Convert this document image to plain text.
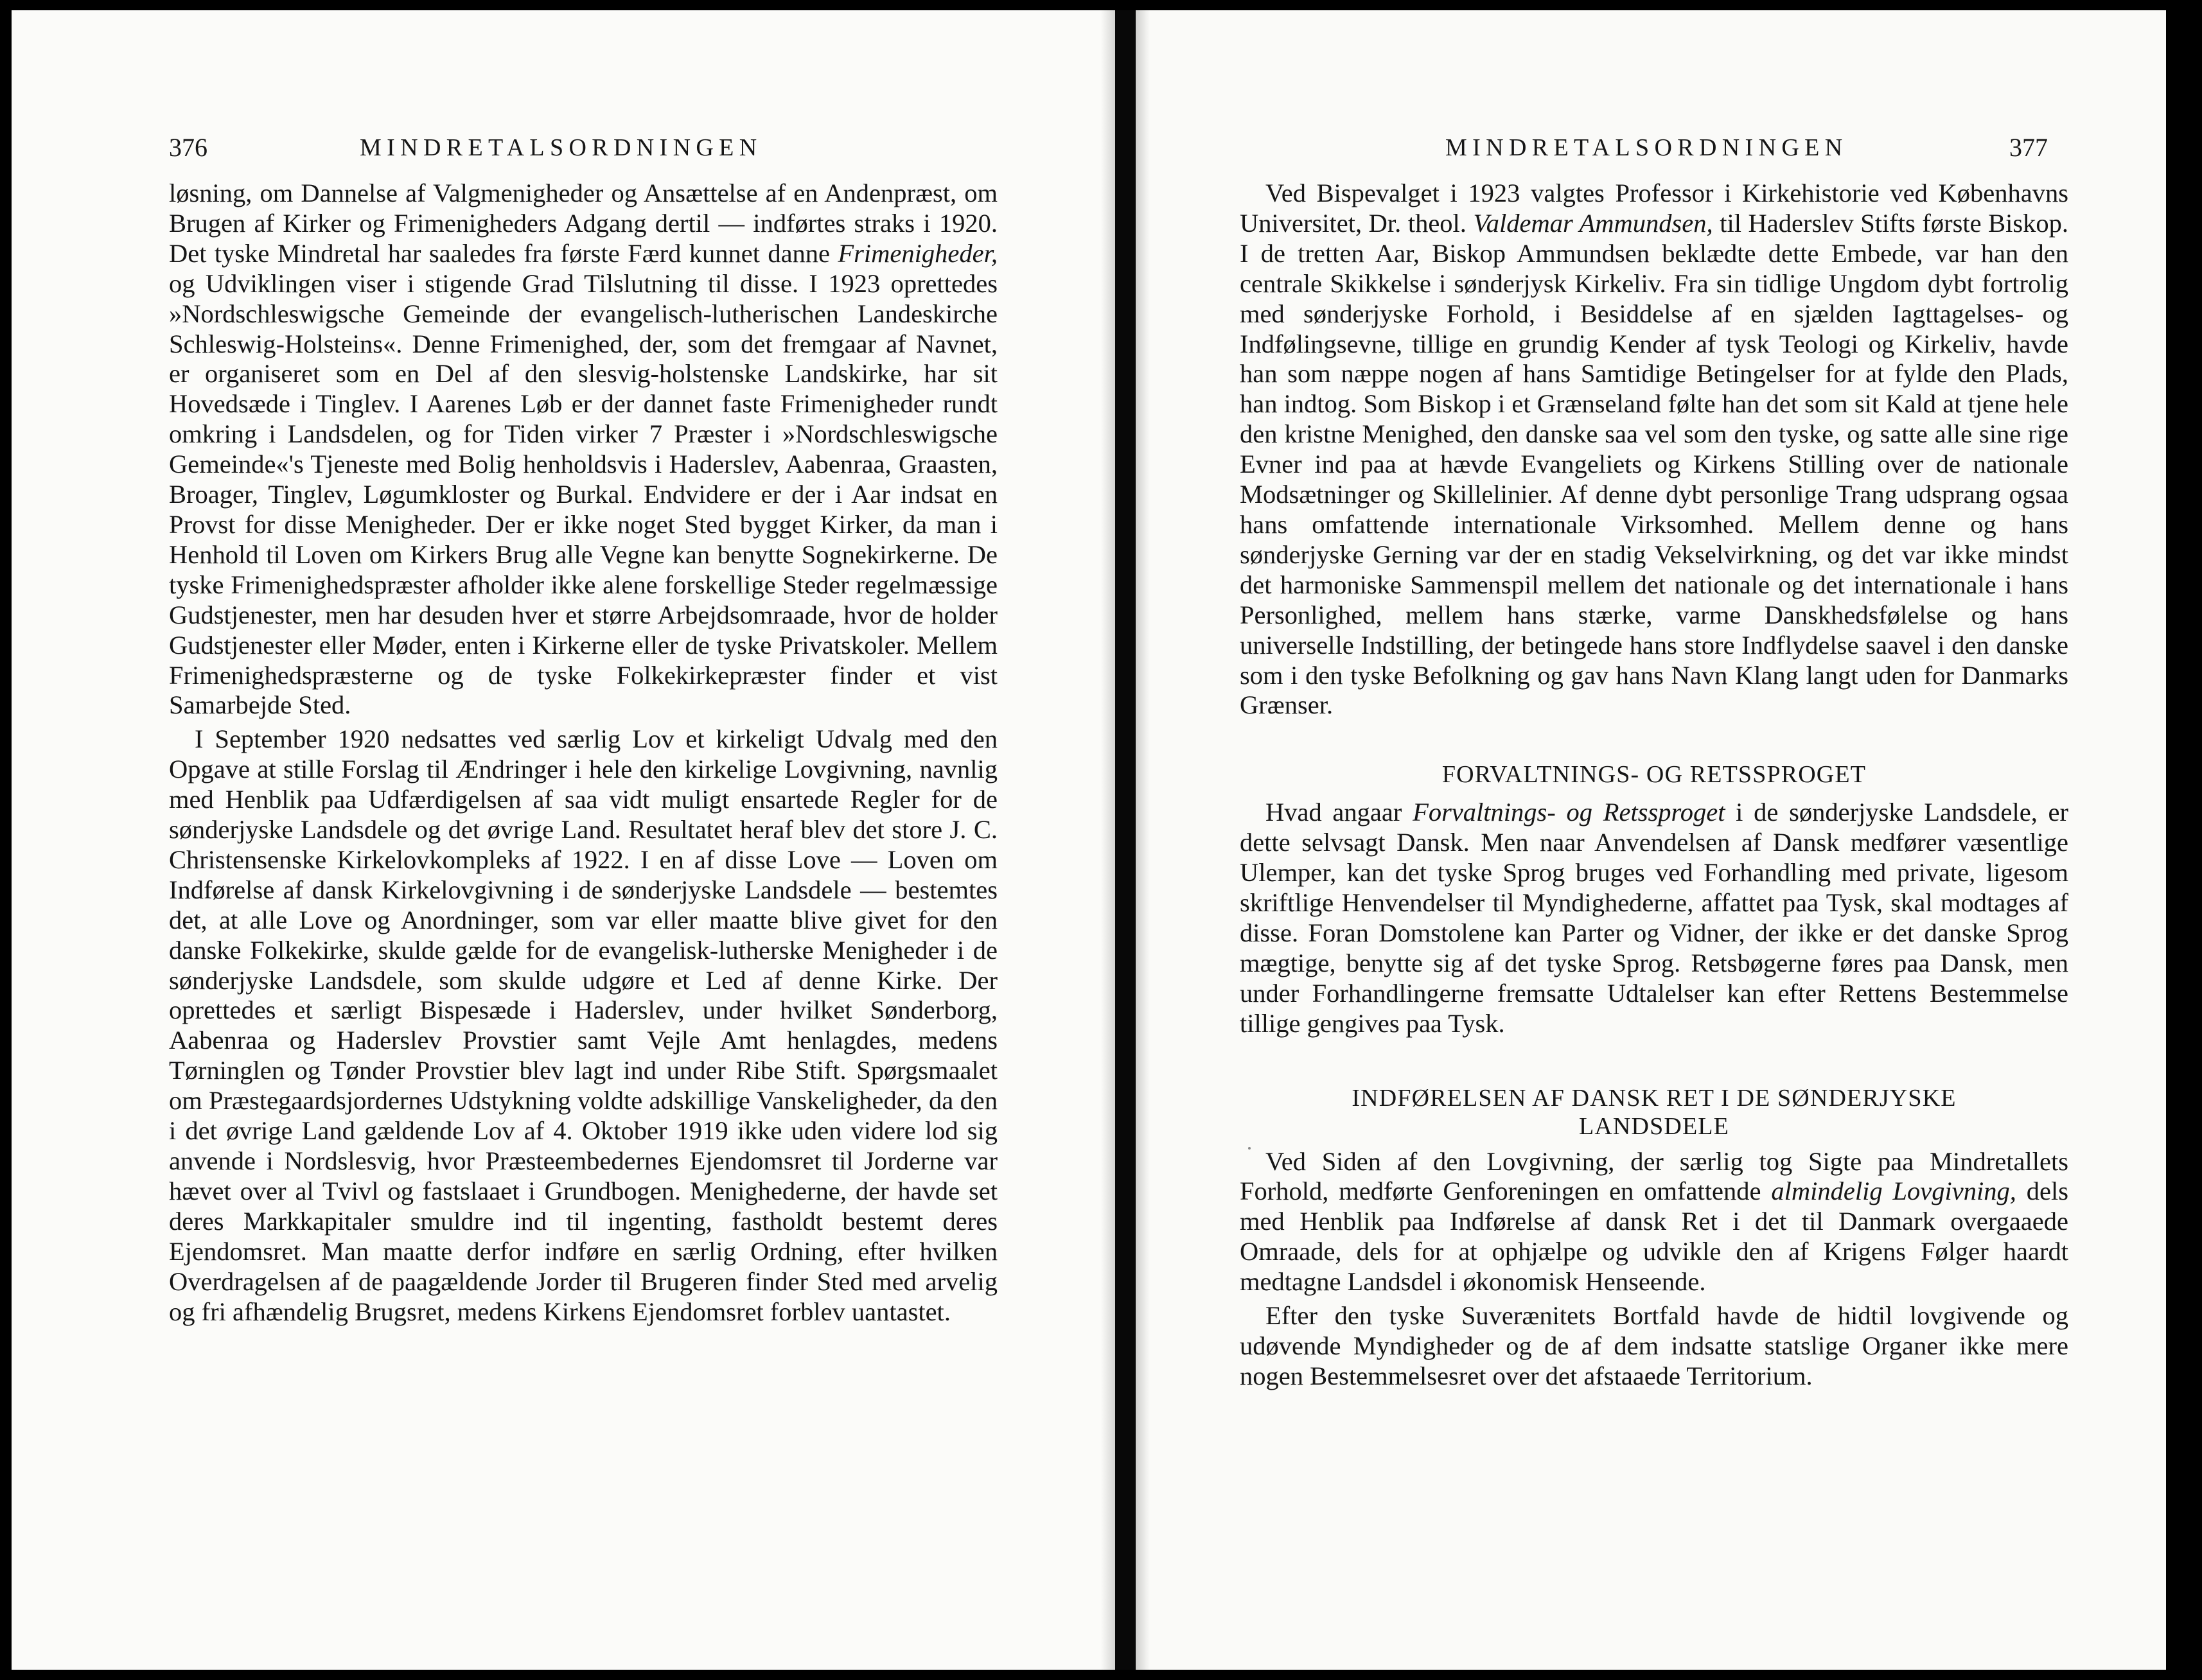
376	MINDRETALSORDNINGEN

løsning, om Dannelse af Valgmenigheder og Ansættelse af en Andenpræst, om Brugen af Kirker og Frimenigheders Adgang dertil — indførtes straks i 1920. Det tyske Mindretal har saaledes fra første Færd kunnet danne Frimenigheder, og Udviklingen viser i stigende Grad Tilslutning til disse. I 1923 oprettedes »Nordschleswigsche Gemeinde der evangelisch-lutherischen Landeskirche Schleswig-Holsteins«. Denne Frimenighed, der, som det fremgaar af Navnet, er organiseret som en Del af den slesvig-holstenske Landskirke, har sit Hovedsæde i Tinglev. I Aarenes Løb er der dannet faste Frimenigheder rundt omkring i Landsdelen, og for Tiden virker 7 Præster i »Nordschleswigsche Gemeinde«'s Tjeneste med Bolig henholdsvis i Haderslev, Aabenraa, Graasten, Broager, Tinglev, Løgumkloster og Burkal. Endvidere er der i Aar indsat en Provst for disse Menigheder. Der er ikke noget Sted bygget Kirker, da man i Henhold til Loven om Kirkers Brug alle Vegne kan benytte Sognekirkerne. De tyske Frimenighedspræster afholder ikke alene forskellige Steder regelmæssige Gudstjenester, men har desuden hver et større Arbejdsomraade, hvor de holder Gudstjenester eller Møder, enten i Kirkerne eller de tyske Privatskoler. Mellem Frimenighedspræsterne og de tyske Folkekirkepræster finder et vist Samarbejde Sted.

I September 1920 nedsattes ved særlig Lov et kirkeligt Udvalg med den Opgave at stille Forslag til Ændringer i hele den kirkelige Lovgivning, navnlig med Henblik paa Udfærdigelsen af saa vidt muligt ensartede Regler for de sønderjyske Landsdele og det øvrige Land. Resultatet heraf blev det store J. C. Christensenske Kirkelovkompleks af 1922. I en af disse Love — Loven om Indførelse af dansk Kirkelovgivning i de sønderjyske Landsdele — bestemtes det, at alle Love og Anordninger, som var eller maatte blive givet for den danske Folkekirke, skulde gælde for de evangelisk-lutherske Menigheder i de sønderjyske Landsdele, som skulde udgøre et Led af denne Kirke. Der oprettedes et særligt Bispesæde i Haderslev, under hvilket Sønderborg, Aabenraa og Haderslev Provstier samt Vejle Amt henlagdes, medens Tørninglen og Tønder Provstier blev lagt ind under Ribe Stift. Spørgsmaalet om Præstegaardsjordernes Udstykning voldte adskillige Vanskeligheder, da den i det øvrige Land gældende Lov af 4. Oktober 1919 ikke uden videre lod sig anvende i Nordslesvig, hvor Præsteembedernes Ejendomsret til Jorderne var hævet over al Tvivl og fastslaaet i Grundbogen. Menighederne, der havde set deres Markkapitaler smuldre ind til ingenting, fastholdt bestemt deres Ejendomsret. Man maatte derfor indføre en særlig Ordning, efter hvilken Overdragelsen af de paagældende Jorder til Brugeren finder Sted med arvelig og fri afhændelig Brugsret, medens Kirkens Ejendomsret forblev uantastet.

MINDRETALSORDNINGEN	377

Ved Bispevalget i 1923 valgtes Professor i Kirkehistorie ved Københavns Universitet, Dr. theol. Valdemar Ammundsen, til Haderslev Stifts første Biskop. I de tretten Aar, Biskop Ammundsen beklædte dette Embede, var han den centrale Skikkelse i sønderjysk Kirkeliv. Fra sin tidlige Ungdom dybt fortrolig med sønderjyske Forhold, i Besiddelse af en sjælden Iagttagelses- og Indfølingsevne, tillige en grundig Kender af tysk Teologi og Kirkeliv, havde han som næppe nogen af hans Samtidige Betingelser for at fylde den Plads, han indtog. Som Biskop i et Grænseland følte han det som sit Kald at tjene hele den kristne Menighed, den danske saa vel som den tyske, og satte alle sine rige Evner ind paa at hævde Evangeliets og Kirkens Stilling over de nationale Modsætninger og Skillelinier. Af denne dybt personlige Trang udsprang ogsaa hans omfattende internationale Virksomhed. Mellem denne og hans sønderjyske Gerning var der en stadig Vekselvirkning, og det var ikke mindst det harmoniske Sammenspil mellem det nationale og det internationale i hans Personlighed, mellem hans stærke, varme Danskhedsfølelse og hans universelle Indstilling, der betingede hans store Indflydelse saavel i den danske som i den tyske Befolkning og gav hans Navn Klang langt uden for Danmarks Grænser.

FORVALTNINGS- OG RETSSPROGET

Hvad angaar Forvaltnings- og Retssproget i de sønderjyske Landsdele, er dette selvsagt Dansk. Men naar Anvendelsen af Dansk medfører væsentlige Ulemper, kan det tyske Sprog bruges ved Forhandling med private, ligesom skriftlige Henvendelser til Myndighederne, affattet paa Tysk, skal modtages af disse. Foran Domstolene kan Parter og Vidner, der ikke er det danske Sprog mægtige, benytte sig af det tyske Sprog. Retsbøgerne føres paa Dansk, men under Forhandlingerne fremsatte Udtalelser kan efter Rettens Bestemmelse tillige gengives paa Tysk.

INDFØRELSEN AF DANSK RET I DE SØNDERJYSKE LANDSDELE

Ved Siden af den Lovgivning, der særlig tog Sigte paa Mindretallets Forhold, medførte Genforeningen en omfattende almindelig Lovgivning, dels med Henblik paa Indførelse af dansk Ret i det til Danmark overgaaede Omraade, dels for at ophjælpe og udvikle den af Krigens Følger haardt medtagne Landsdel i økonomisk Henseende.

Efter den tyske Suverænitets Bortfald havde de hidtil lovgivende og udøvende Myndigheder og de af dem indsatte statslige Organer ikke mere nogen Bestemmelsesret over det afstaaede Territorium.
